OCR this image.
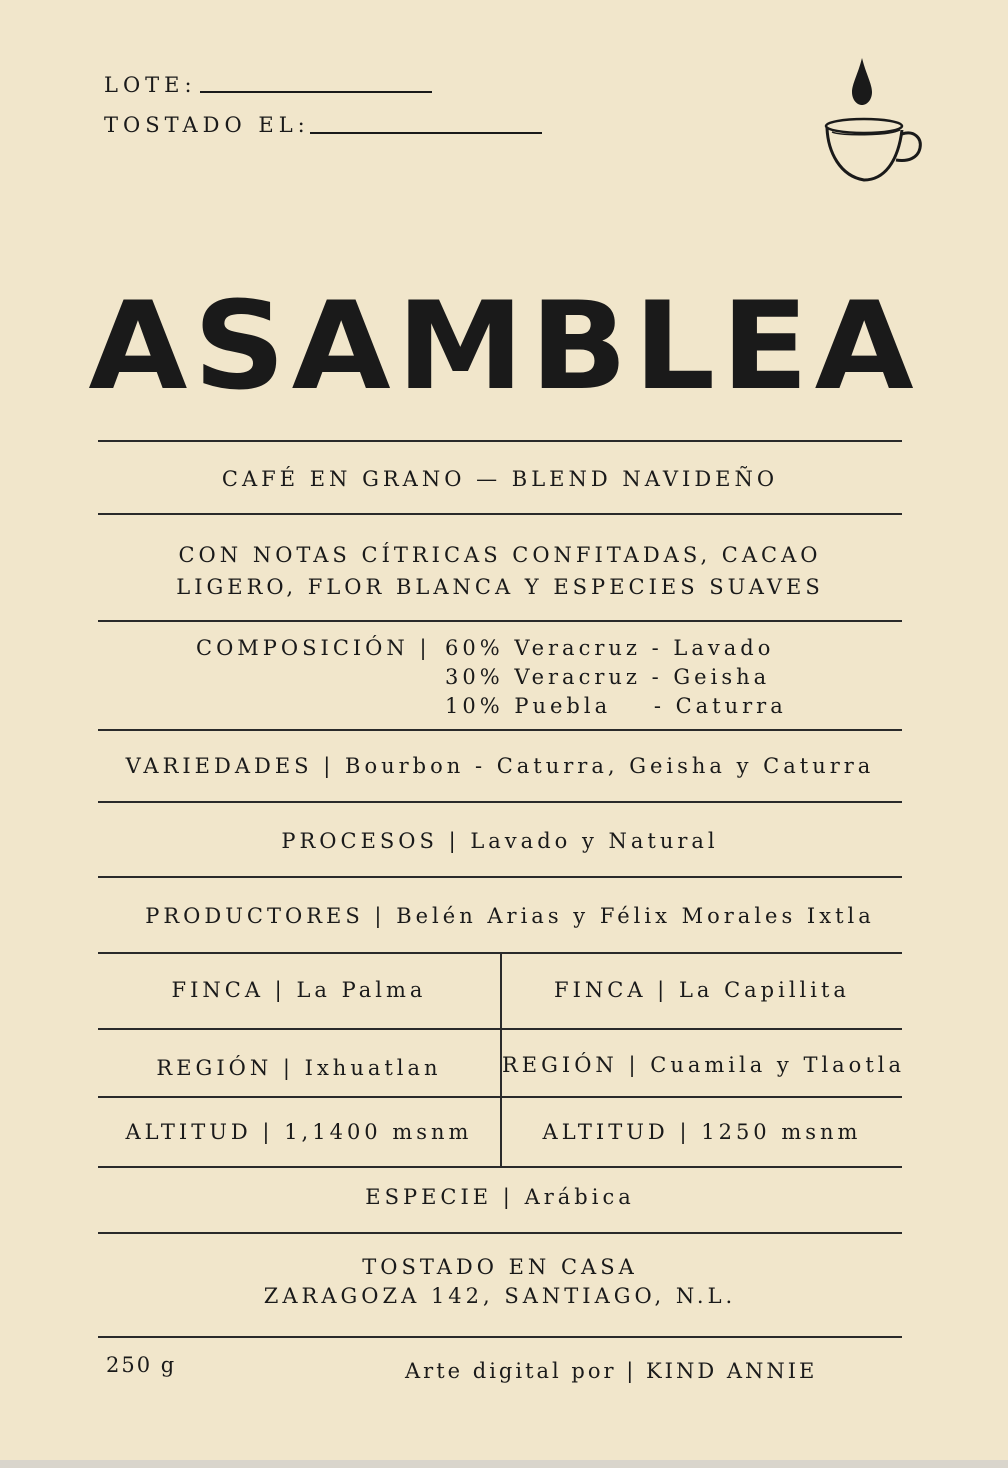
LOTE:
TOSTADO EL:
ASAMBLEA
CAFÉ EN GRANO — BLEND NAVIDEÑO
CON NOTAS CÍTRICAS CONFITADAS, CACAO
LIGERO, FLOR BLANCA Y ESPECIES SUAVES
COMPOSICIÓN | 60% Veracruz - Lavado
30% Veracruz - Geisha
10% Puebla    - Caturra
VARIEDADES | Bourbon - Caturra, Geisha y Caturra
PROCESOS | Lavado y Natural
PRODUCTORES | Belén Arias y Félix Morales Ixtla
FINCA | La Palma
REGIÓN | Ixhuatlan
ALTITUD | 1,1400 msnm
FINCA | La Capillita
REGIÓN | Cuamila y Tlaotla
ALTITUD | 1250 msnm
ESPECIE | Arábica
TOSTADO EN CASA
ZARAGOZA 142, SANTIAGO, N.L.
250 g	Arte digital por | KIND ANNIE
